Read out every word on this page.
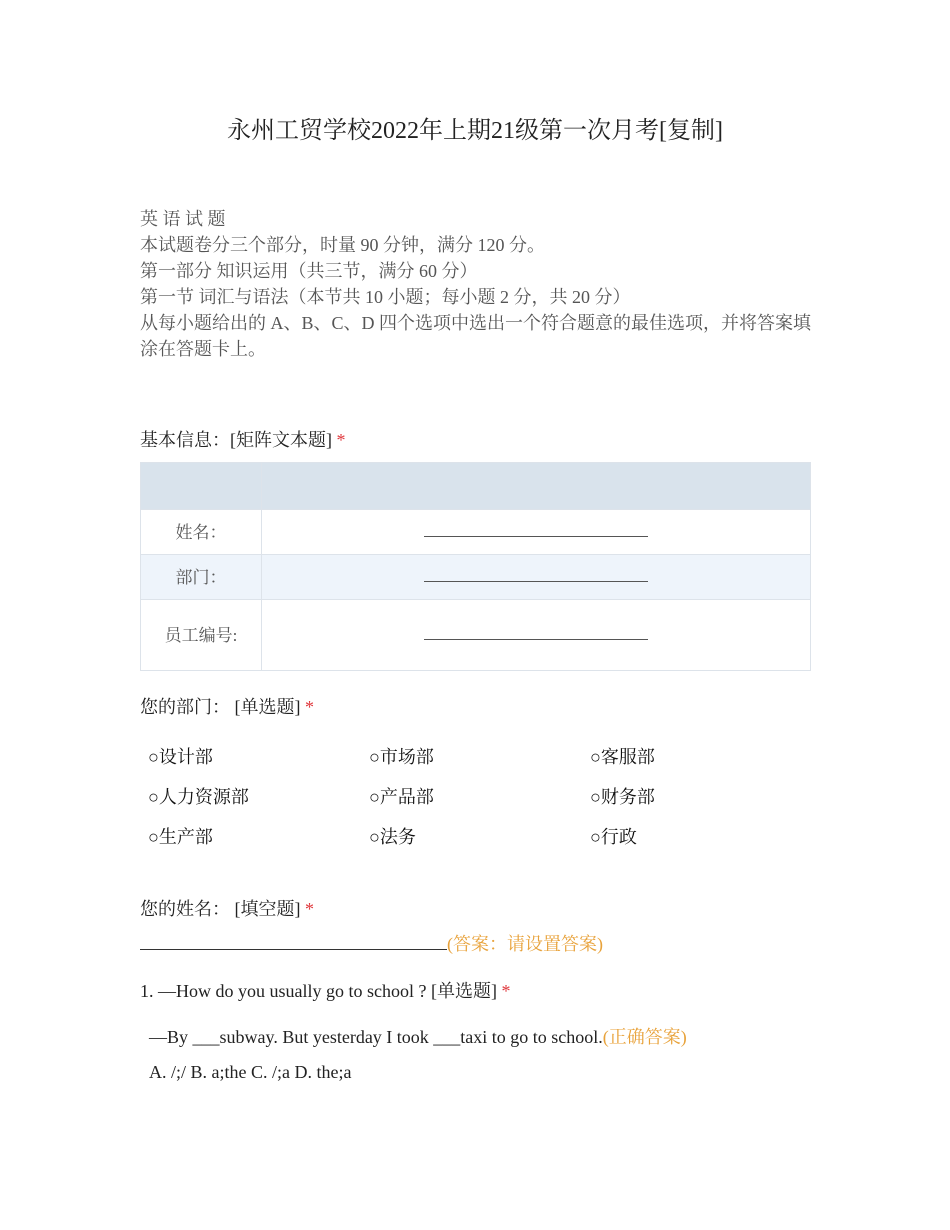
永州工贸学校2022年上期21级第一次月考[复制]
英 语 试 题
本试题卷分三个部分，时量 90 分钟，满分 120 分。
第一部分 知识运用（共三节，满分 60 分）
第一节 词汇与语法（本节共 10 小题；每小题 2 分，共 20 分）
从每小题给出的 A、B、C、D 四个选项中选出一个符合题意的最佳选项，并将答案填涂在答题卡上。
基本信息：[矩阵文本题] *

姓名：	
部门：	
员工编号:	
您的部门： [单选题] *
○设计部	○市场部	○客服部
○人力资源部	○产品部	○财务部
○生产部	○法务	○行政
您的姓名： [填空题] *
(答案：请设置答案)
1. —How do you usually go to school ? [单选题] *
—By ___subway. But yesterday I took ___taxi to go to school.(正确答案)
A. /;/ B. a;the C. /;a D. the;a
